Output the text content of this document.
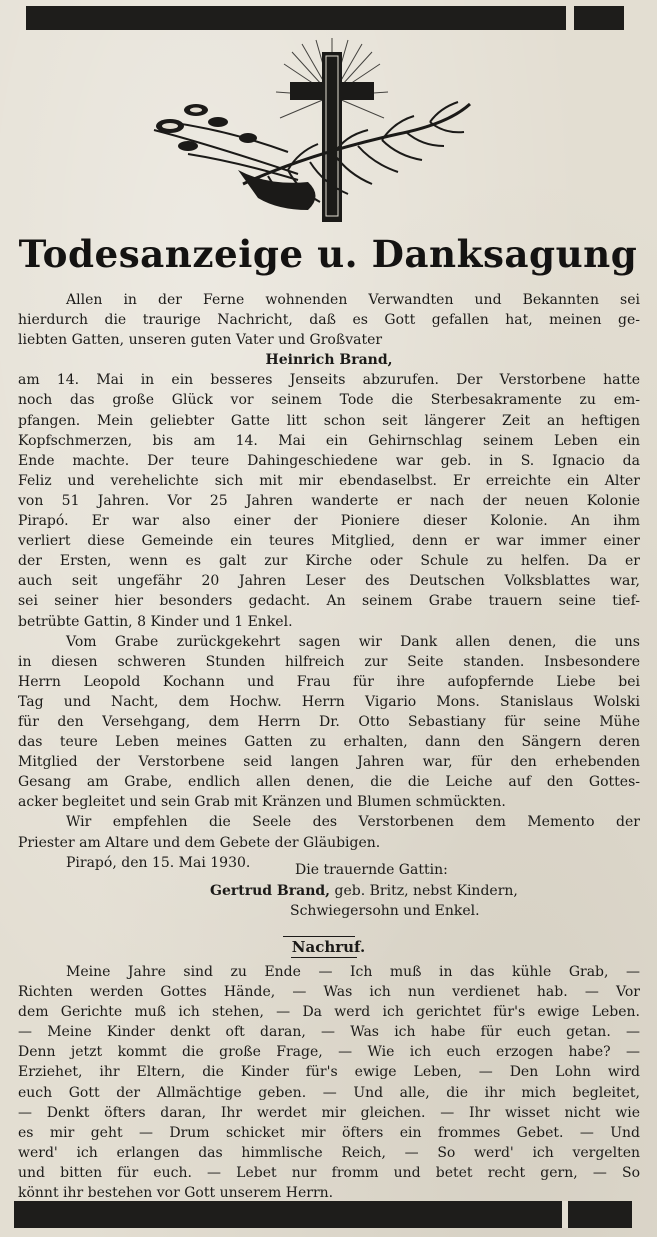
Todesanzeige u. Danksagung
Allen in der Ferne wohnenden Verwandten und Bekannten sei
hierdurch die traurige Nachricht, daß es Gott gefallen hat, meinen ge-
liebten Gatten, unseren guten Vater und Großvater
Heinrich Brand,
am 14. Mai in ein besseres Jenseits abzurufen. Der Verstorbene hatte
noch das große Glück vor seinem Tode die Sterbesakramente zu em-
pfangen. Mein geliebter Gatte litt schon seit längerer Zeit an heftigen
Kopfschmerzen, bis am 14. Mai ein Gehirnschlag seinem Leben ein
Ende machte. Der teure Dahingeschiedene war geb. in S. Ignacio da
Feliz und verehelichte sich mit mir ebendaselbst. Er erreichte ein Alter
von 51 Jahren. Vor 25 Jahren wanderte er nach der neuen Kolonie
Pirapó. Er war also einer der Pioniere dieser Kolonie. An ihm
verliert diese Gemeinde ein teures Mitglied, denn er war immer einer
der Ersten, wenn es galt zur Kirche oder Schule zu helfen. Da er
auch seit ungefähr 20 Jahren Leser des Deutschen Volksblattes war,
sei seiner hier besonders gedacht. An seinem Grabe trauern seine tief-
betrübte Gattin, 8 Kinder und 1 Enkel.
Vom Grabe zurückgekehrt sagen wir Dank allen denen, die uns
in diesen schweren Stunden hilfreich zur Seite standen. Insbesondere
Herrn Leopold Kochann und Frau für ihre aufopfernde Liebe bei
Tag und Nacht, dem Hochw. Herrn Vigario Mons. Stanislaus Wolski
für den Versehgang, dem Herrn Dr. Otto Sebastiany für seine Mühe
das teure Leben meines Gatten zu erhalten, dann den Sängern deren
Mitglied der Verstorbene seid langen Jahren war, für den erhebenden
Gesang am Grabe, endlich allen denen, die die Leiche auf den Gottes-
acker begleitet und sein Grab mit Kränzen und Blumen schmückten.
Wir empfehlen die Seele des Verstorbenen dem Memento der
Priester am Altare und dem Gebete der Gläubigen.
Pirapó, den 15. Mai 1930.	Die trauernde Gattin:
Gertrud Brand, geb. Britz, nebst Kindern,
Schwiegersohn und Enkel.
Nachruf.
Meine Jahre sind zu Ende — Ich muß in das kühle Grab, —
Richten werden Gottes Hände, — Was ich nun verdienet hab. — Vor
dem Gerichte muß ich stehen, — Da werd ich gerichtet für's ewige Leben.
— Meine Kinder denkt oft daran, — Was ich habe für euch getan. —
Denn jetzt kommt die große Frage, — Wie ich euch erzogen habe? —
Erziehet, ihr Eltern, die Kinder für's ewige Leben, — Den Lohn wird
euch Gott der Allmächtige geben. — Und alle, die ihr mich begleitet,
— Denkt öfters daran, Ihr werdet mir gleichen. — Ihr wisset nicht wie
es mir geht — Drum schicket mir öfters ein frommes Gebet. — Und
werd' ich erlangen das himmlische Reich, — So werd' ich vergelten
und bitten für euch. — Lebet nur fromm und betet recht gern, — So
könnt ihr bestehen vor Gott unserem Herrn.
